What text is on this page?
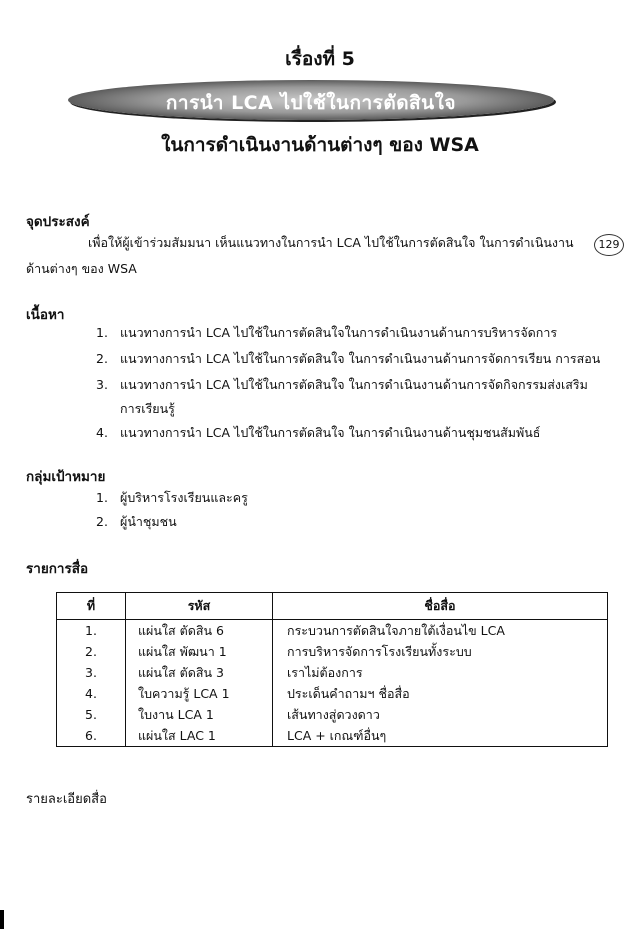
เรื่องที่ 5
การนำ LCA ไปใช้ในการตัดสินใจ
ในการดำเนินงานด้านต่างๆ ของ WSA
129
จุดประสงค์
เพื่อให้ผู้เข้าร่วมสัมมนา เห็นแนวทางในการนำ LCA ไปใช้ในการตัดสินใจ ในการดำเนินงาน
ด้านต่างๆ ของ WSA
เนื้อหา
1. แนวทางการนำ LCA ไปใช้ในการตัดสินใจในการดำเนินงานด้านการบริหารจัดการ
2. แนวทางการนำ LCA ไปใช้ในการตัดสินใจ ในการดำเนินงานด้านการจัดการเรียน การสอน
3. แนวทางการนำ LCA ไปใช้ในการตัดสินใจ ในการดำเนินงานด้านการจัดกิจกรรมส่งเสริม
การเรียนรู้
4. แนวทางการนำ LCA ไปใช้ในการตัดสินใจ ในการดำเนินงานด้านชุมชนสัมพันธ์
กลุ่มเป้าหมาย
1. ผู้บริหารโรงเรียนและครู
2. ผู้นำชุมชน
รายการสื่อ
ที่	รหัส	ชื่อสื่อ
1.	แผ่นใส ตัดสิน 6	กระบวนการตัดสินใจภายใต้เงื่อนไข LCA
2.	แผ่นใส พัฒนา 1	การบริหารจัดการโรงเรียนทั้งระบบ
3.	แผ่นใส ตัดสิน 3	เราไม่ต้องการ
4.	ใบความรู้ LCA 1	ประเด็นคำถามฯ ชื่อสื่อ
5.	ใบงาน LCA 1	เส้นทางสู่ดวงดาว
6.	แผ่นใส LAC 1	LCA + เกณฑ์อื่นๆ
รายละเอียดสื่อ
